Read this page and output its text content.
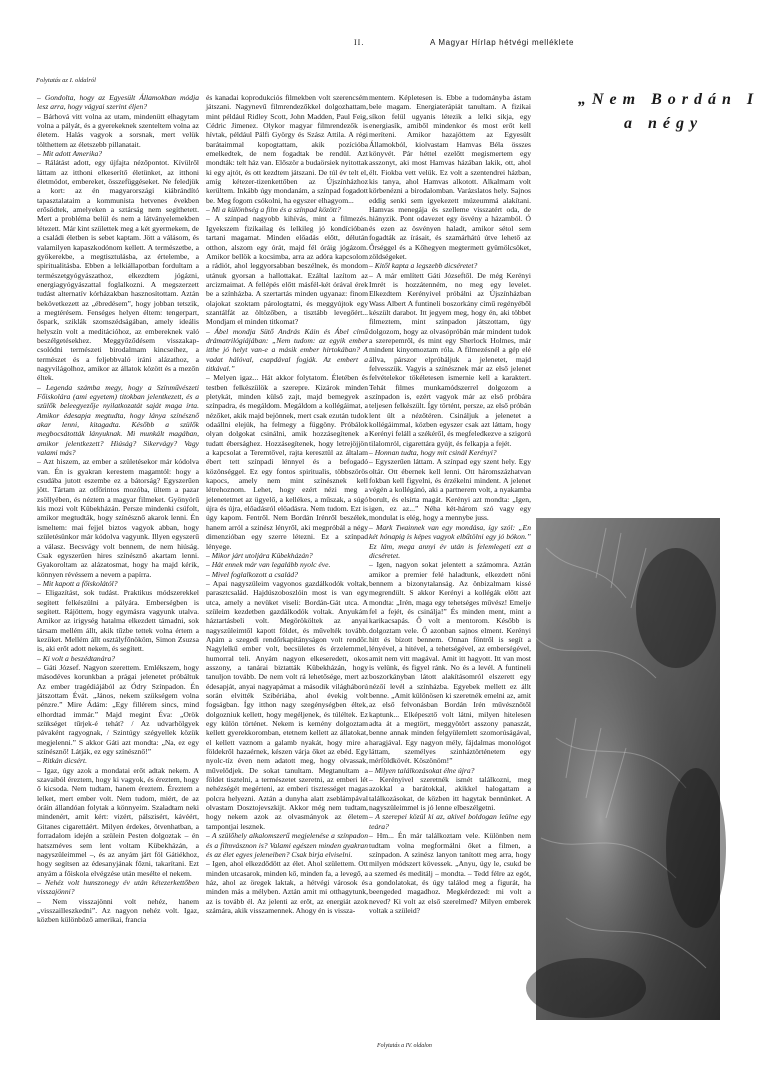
II.	A Magyar Hírlap hétvégi melléklete
Folytatás az I. oldalról

– Gondolta, hogy az Egyesült Államokban módja lesz arra, hogy vágyai szerint éljen?

– Bárhová vitt volna az utam, mindenütt elhagytam volna a pályát, és a gyerekeknek szenteltem volna az életem. Halás vagyok a sorsnak, mert velük tölthettem az életszebb pillanatait.

– Mit adott Amerika?

– Rálátást adott, egy újfajta nézőpontot. Kívülről láttam az itthoni elkeserítő életünket, az itthoni életmódot, embereket, összefüggéseket. Ne feledjük a kort: az én magyarországi kiábrándító tapasztalataim a kommunista hetvenes években erősödtek, amelyeken a sztárság nem segíthetett. Mert a probléma belül és nem a látványelemekben létezett. Már kint születtek meg a két gyermekem, de a családi életben is sebet kaptam. Jött a válásom, és valamilyen kapaszkodónom kellett. A természetbe, a gyökerekbe, a megtisztulásba, az értelembe, a spiritualitásba. Ebben a lelkiállapotban fordultam a természetgyógyászathoz, elkezdtem jógázni, energiagyógyászattal foglalkozni. A megszerzett tudást alternatív kórházakban hasznosítottam. Aztán bekövetkezett az „ébredésem”, hogy jobban tetszik, a megtérésem. Fenséges helyen éltem: tengerpart, őspark, sziklák szomszédságában, amely ideális helyszín volt a meditációhoz, az embereknek való beszélgetésekhez. Meggyőződésem visszakapcsolódni természeti birodalmam kincseihez, a természet és a feljebbvaló iráni alázathoz, a nagyvilágolhoz, amikor az állatok között és a mezőn éltek.

– Legenda számba megy, hogy a Színművészeti Főiskolára (ami egyetem) titokban jelentkezett, és a szülők beleegyezője nyilatkozatát saját maga írta. Amikor édesapja megtudta, hogy lánya színésznő akar lenni, kitagadta. Később a szülők megbocsátották lányuknak. Mi munkált magában, amikor jelentkezett? Hiúság? Sikervágy? Vagy valami más?

– Azt hiszem, az ember a születésekor már kódolva van. Én is gyakran kerestem magamtól: hogy a csudába jutott eszembe ez a bátorság? Egyszerűen jött. Tártam az otfőrintos mozóba, ültem a pazar zsöllyében, és néztem a magyar filmeket. Gyönyörű kis mozi volt Kübekházán. Persze mindenki csúfolt, amikor megtudták, hogy színésznő akarok lenni. Én ismeltem: mai fejjel biztos vagyok abban, hogy születésünkor már kódolva vagyunk. Illyen egyszerű a válasz. Becsvágy volt bennem, de nem hiúság. Csak egyszerűen hires színésznő akartam lenni. Gyakoroltam az alázatosmat, hogy ha majd kérik, könnyen révéssem a nevem a papírra.

– Mit kapott a főiskolától?

– Eligazítást, sok tudást. Praktikus módszerekkel segített felkészülni a pályára. Emberségben is segített. Rájöttem, hogy egymásra vagyunk utalva. Amikor az irigység hatalma elkezdett támadni, sok társam mellém állt, akik tűzbe tettek volna értem a kezüket. Mellém állt osztályfőnököm, Simon Zsuzsa is, aki erőt adott nekem, és segített.

– Ki volt a beszédtanára?

– Gáti József. Nagyon szerettem. Emlékszem, hogy másodéves korunkban a prágai jelenetet próbáltuk Az ember tragédiájából az Ódry Színpadon. Én játszottam Évát. „János, nekem szükségem volna pénzre.” Mire Ádám: „Egy fillérem sincs, mind elhordtad immár.” Majd megint Éva: „Orök szükséget tűrjek-é tehát? / Az udvarhölgyek pávaként ragyognak, / Szintúgy szégyellek közük megjelenni.” S akkor Gáti azt mondta: „Na, ez egy színésznő! Látják, ez egy színésznő!”

– Ritkán dicsért.

– Igaz, úgy azok a mondatai erőt adtak nekem. A szavaiból éreztem, hogy ki vagyok, és éreztem, hogy ő kicsoda. Nem tudtam, hanem éreztem. Éreztem a lelket, mert ember volt. Nem tudom, miért, de az óráin állandóan folytak a könnyeim. Szaladtam neki mindenért, amit kért: vizért, pálszisért, kávéért, Gitanes cigarettáért. Milyen érdekes, ötvenhatban, a forradalom idején a szülein Pesten dolgoztak – én hatszméves sem lent voltam Kübekházán, a nagyszüleimmel –, és az anyám járt föl Gátiékhoz, hogy segítsen az édesanyjának főzni, takarítani. Ezt anyám a főiskola elvégzése után mesélte el nekem.

– Nehéz volt hunszonegy év után kétezerkettőben visszajönni?

– Nem visszajönni volt nehéz, hanem „visszailleszkedni”. Az nagyon nehéz volt. Igaz, közben különböző amerikai, francia

és kanadai koprodukciós filmekben volt szerencsém játszani. Nagynevű filmrendezőkkel dolgozhattam, mint például Ridley Scott, John Madden, Paul Feig, Cédric Jimenez. Olykor magyar filmrendezők is hívtak, például Pálfi György és Szász Attila. A régi barátaimmal kopogtattam, akik pozícióba emelkedtek, de nem fogadtak be rendül. Azt mondták: telt ház van. Először a budaörsiek nyitottak ki egy ajtót, és ott kezdtem játszani. De túl év telt el, amíg kétezer-tizenkettőben az Újszínházhoz kerültem. Inkább úgy mondanám, a színpad fogadott be. Meg fogom csókolni, ha egyszer elhagyom...

– Mi a különbség a film és a színpad között?

– A színpad nagyobb kihívás, mint a filmezés. Igyekszem fizikailag és lelkileg jó kondícióban tartani magamat. Minden előadás előtt, délután otthon, alszom egy órát, majd fél óráig jógázom. Amikor bellök a kocsimba, arra az adóra kapcsolom a rádiót, ahol leggyorsabban beszélnek, és mondom utánuk gyorsan a hallottakat. Ezáltal lazítom az arcizmaimat. A fellépés előtt másfél-két órával érek be a színházba. A szertartás minden ugyanaz: finom olajokat szoktam párologtatni, és meggyújtok egy szantálfát az öltözőben, a tisztább levegőért... Mondjam el minden titkomat?

– Ábel mondja Sütő András Káin és Ábel című drámatrilógiájában: „Nem tudom: az egyik ember itthe jó helyt van-e a másik ember hirtokában? A vadat hálóval, csapdával fogják. Az embert a titkával.”

– Melyen igaz... Hát akkor folytatom. Életében és testben felkészülök a szerepre. Kizárok minden pletykát, minden külső zajt, majd bemegyek a színpadra, és megáldom. Megáldom a kollégáimat, a nézőket, akik majd bejönnek, mert csak ezután tudok odaállni elejük, ha felmegy a függöny. Próbálok olyan dolgokat csinálni, amik hozzásegítenek a tudatt ébersághez. Hozzásegítenek, hogy letrejöjjön a kapcsolat a Teremtővel, rajta keresztül az általam ébert tett színpadi lénnyel és a befogadó közönséggel. Ez egy fontos spiritualis, többszörös kapocs, amely nem mint színésznek kell létrehoznom. Lehet, hogy ezért nézi meg a jelenetetmet az ügyelő, a kellékes, a műszak, a súgó újra és újra, előadásról előadásra. Nem tudom. Ezt is úgy kapom. Fentről. Nem Bordán Irénről beszélek, hanem arról a szinész lényről, aki megpróbál a négy dimenzióban egy szerre létezni. Ez a színpad lényege.

– Mikor járt utoljára Kübekházán?

– Hát ennek már van legalább nyolc éve.

– Mivel foglalkozott a család?

– Apai nagyszüleim vagyonos gazdálkodók voltak, parasztcsalád. Hajdúszoboszlóin most is van egy utca, amely a nevüket viseli: Bordán-Gát utca. A szüleim kezdetben gazdálkodók voltak. Anyukám háztartásbeli volt. Megörököltek az anyai nagyszüleimtől kapott földet, és művelték tovább. Apám a szegedi rendőrkapitányságon volt rendőr. Nagylelkű ember volt, becsületes és érzelemmel, humorral teli. Anyám nagyon elkeseredett, okos asszony, a tanárai biztatták Kübekházán, hogy tanuljon tovább. De nem volt rá lehetősége, mert az édesapját, anyai nagyapámat a második világháború során elvitték Szibériába, ahol évekig volt fogságban. Így itthon nagy szegénységben éltek, dolgozniuk kellett, hogy megéljenek, és túléltek. Ez egy külön történet. Nekem is kemény dolgoztam kellett gyerekkoromban, etetnem kellett az állatokat, el kellett vaznom a galamb nyakát, hogy mire a földekről hazaérnek, készen várja őket az ebéd. Egy nyolc-tíz éven nem adatott meg, hogy olvassak, művelődjek. De sokat tanultam. Megtanultam a földet tisztelni, a természetet szeretni, az emberi lét nehézségét megérteni, az emberi tisztességet magas polcra helyezni. Aztán a dunyha alatt zseblámpával olvastam Dosztojevszkijt. Akkor még nem tudtam, hogy nekem azok az olvasmányok az életem tampontjai lesznek.

– A szülőhely alkalomszerű megjelenése a színpadon és a filmvásznon is? Valami egészen minden gyakran és az élet egyes jeleneiben? Csak birja elviselni.

– Igen, ahol elkezdődött az élet. Ahol születtem. Ott minden utcasarok, minden kő, minden fa, a levegő, a ház, ahol az öregek laktak, a hétvégi városok és minden más a mélyben. Aztán amit mi otthagytunk, az is tovább él. Az jelenti az erőt, az energiát azok számára, akik visszamennek. Ahogy én is vissza-

mentem. Képletesen is. Ebbe a tudományba ástam bele magam. Energiaterápiát tanultam. A fizikai síkon felül ugyanis létezik a lelki sikja, egy energiasík, amiből mindenkor és most erőt kell meríteni. Amikor hazajöttem az Egyesült Államokból, kiolvastam Hamvas Béla összes könyvét. Pár héttel ezelőtt megismertem egy asszonyt, aki most Hamvas házában lakik, ott, ahol élt. Fiokba vett velük. Ez volt a szentendrei házban, kis tanya, ahol Hamvas alkotott. Alkalmam volt körbenézni a birodalomban. Varázslatos hely. Sajnos eddig senki sem igyekezett múzeummá alakítani. Hamvas menegája és szelleme visszatért oda, de hiányzik. Pont odavezet egy ösvény a házamból. Ó és ezen az ösvényen haladt, amikor sétol sem fogadták az írásait, és szamárhátú útve lehető az Őrséggel és a Kőhegyen megtermett gyümölcsöket, zöldségeket.

– Kitől kapta a legszebb dicséretet?

– A már említett Gáti Józseftől. De még Kerényi Imrét is hozzátenném, no meg egy levelet. Elkezdtem Kerényivel próbálni az Újszínházban Wass Albert A funtineli boszorkány című regényéből készült darabot. Itt jegyem meg, hogy én, aki többet filmeztem, mint színpadon játszottam, úgy dolgozom, hogy az olvasópróbán már mindent tudok a szerepemről, és mint egy Sherlock Holmes, már mindent kinyomoztam róla. A filmezésnél a gép elé állva, párszor elpróbáljuk a jelenetet, majd felvesszük. Vagyis a színésznek már az első jelenet felvételekor tökéletesen ismernie kell a karaktert. Tehát filmes munkamódszerrel dolgozom a színpadon is, ezért vagyok már az első próbára teljesen felkészült. Így történt, persze, az első próbán lent ült a nézőtéren. Csináljuk a jelenetet a kollégáimmal, közben egyszer csak azt láttam, hogy Kerényi feláll a székéről, és megfeledkezve a szigorú tilalomról, cigarettára gyújt, és felkapja a fejét.

– Honnan tudta, hogy mit csinál Kerényi?

– Egyszerűen láttam. A színpad egy szent hely. Egy oltár. Ott ébernek kell lenni. Ott háromszázhatvan fokban kell figyelni, és érzékelni mindent. A jelenet végén a kollégánó, aki a partnerem volt, a nyakamba borult, és elsírta magát. Kerényi azt mondta: „Igen, igen, ez az...” Néha két-három szó vagy egy mondulat is elég, hogy a mennybe juss.

– Mark Twainnek van egy mondása, így szól: „En két hónapig is képes vagyok elbűtölni egy jó bókon.” Ez lám, mega annyi év után is felemlegeti ezt a dicséretet.

– Igen, nagyon sokat jelentett a számomra. Aztán amikor a premier felé haladtunk, elkezdett nőni bennem a bizonytalanság. Az önbizalmam kissé megrendült. S akkor Kerényi a kollégák előtt azt mondta: „Irén, maga egy tehetséges művész! Emelje fel a fejét, és csinálja!” És minden ment, mint a karikacsapás. Ő volt a mentorom. Később is dolgoztam vele. Ő azonban sajnos elment. Kerényi hitt és bízott bennem. Onnan föntről is segít a lényével, a hitével, a tehetségével, az emberségével, amit nem vitt magával. Amit itt hagyott. Itt van most is velünk, és figyel ránk. No és a levél. A funtineli boszorkányban látott alakításomról elszerett egy nézőí levél a színházba. Egyebek mellett ez állt benne. „Amit különösen ki szeretnék emelni az, amit az első felvonásban Bordán Irén művésznőtől kaptunk... Elképesztő volt látni, milyen hitelesen adta át a megtört, meggyötört asszony panaszát, benne annak minden felgyülemlett szomorúságával, haragjával. Egy nagyon mély, fájdalmas monológot láttam, személyes szinháztörténetem egy mérföldkövét. Köszönöm!”

– Milyen találkozásokat élne újra?

– Kerényivel szeretnék ismét találkozni, meg azokkal a barátokkal, akikkel halogattam a találkozásokat, de közben itt hagytak bennünket. A nagyszüleimmel is jó lenne elbeszélgetni.

– A szerepei közül ki az, akivel boldogan leülne egy teára?

– Hm... Én már találkoztam vele. Különben nem tudtam volna megformálni őket a filmen, a színpadon. A szinész lanyon tanított meg arra, hogy milyen módszert kövessek. „Anyu, úgy le, csukd be a szemed és meditálj – mondta. – Tedd félre az egót, a gondolatokat, és úgy találod meg a figurát, ha beengeded magadhoz. Megkérdezed: mi volt a neved? Ki volt az első szerelmed? Milyen emberek voltak a szüleid?

„Nem Bordán I
a négy
Folytatás a IV. oldalon
